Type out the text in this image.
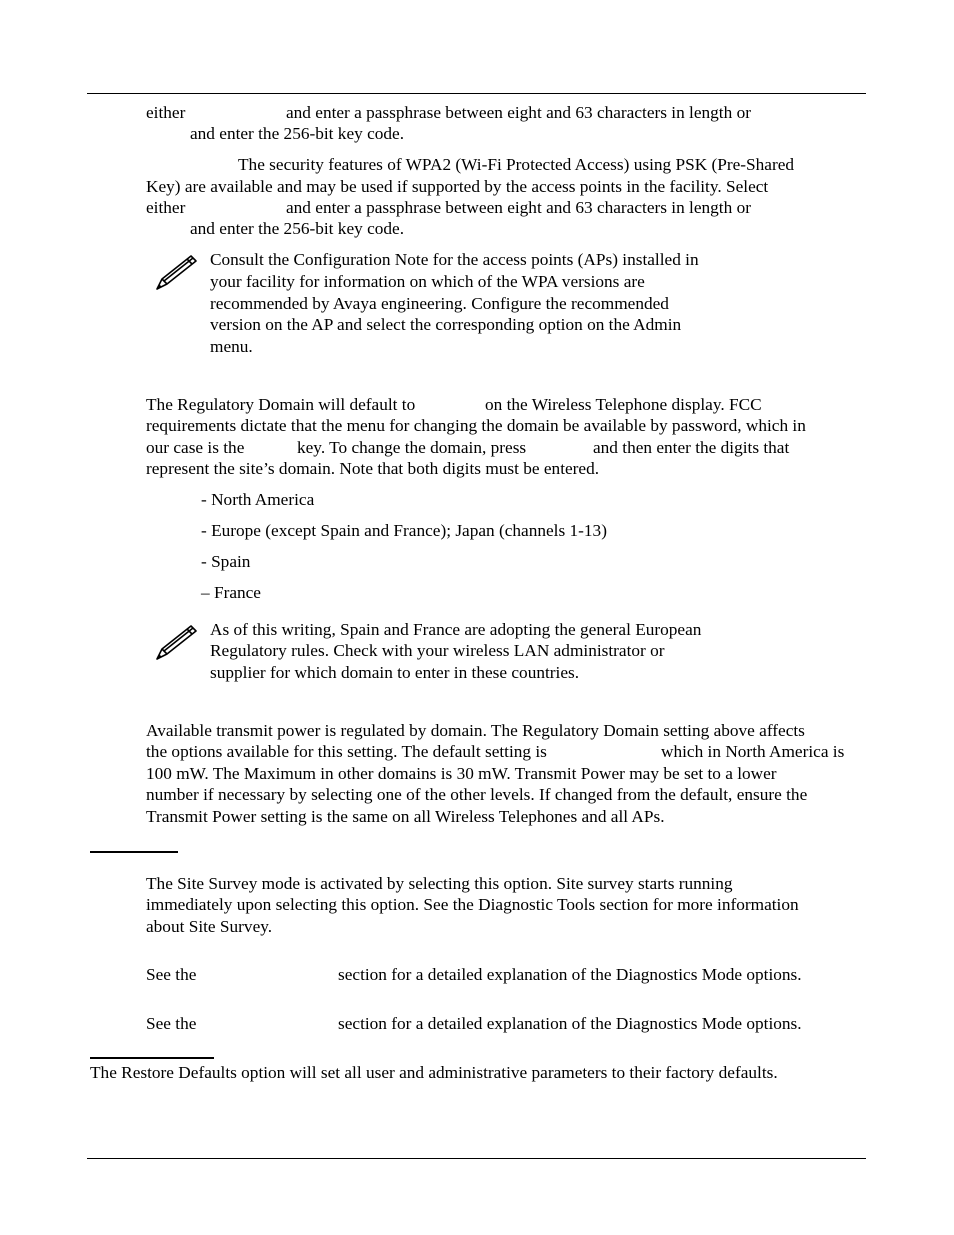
either	and enter a passphrase between eight and 63 characters in length or
and enter the 256-bit key code.
The security features of WPA2 (Wi-Fi Protected Access) using PSK (Pre-Shared
Key) are available and may be used if supported by the access points in the facility. Select
either	and enter a passphrase between eight and 63 characters in length or
and enter the 256-bit key code.
Consult the Configuration Note for the access points (APs) installed in
your facility for information on which of the WPA versions are
recommended by Avaya engineering. Configure the recommended
version on the AP and select the corresponding option on the Admin
menu.
The Regulatory Domain will default to	on the Wireless Telephone display. FCC
requirements dictate that the menu for changing the domain be available by password, which in
our case is the	key. To change the domain, press	and then enter the digits that
represent the site’s domain. Note that both digits must be entered.
- North America
- Europe (except Spain and France); Japan (channels 1-13)
- Spain
– France
As of this writing, Spain and France are adopting the general European
Regulatory rules. Check with your wireless LAN administrator or
supplier for which domain to enter in these countries.
Available transmit power is regulated by domain. The Regulatory Domain setting above affects
the options available for this setting. The default setting is	which in North America is
100 mW. The Maximum in other domains is 30 mW. Transmit Power may be set to a lower
number if necessary by selecting one of the other levels. If changed from the default, ensure the
Transmit Power setting is the same on all Wireless Telephones and all APs.
The Site Survey mode is activated by selecting this option. Site survey starts running
immediately upon selecting this option. See the Diagnostic Tools section for more information
about Site Survey.
See the	section for a detailed explanation of the Diagnostics Mode options.
See the	section for a detailed explanation of the Diagnostics Mode options.
The Restore Defaults option will set all user and administrative parameters to their factory defaults.
